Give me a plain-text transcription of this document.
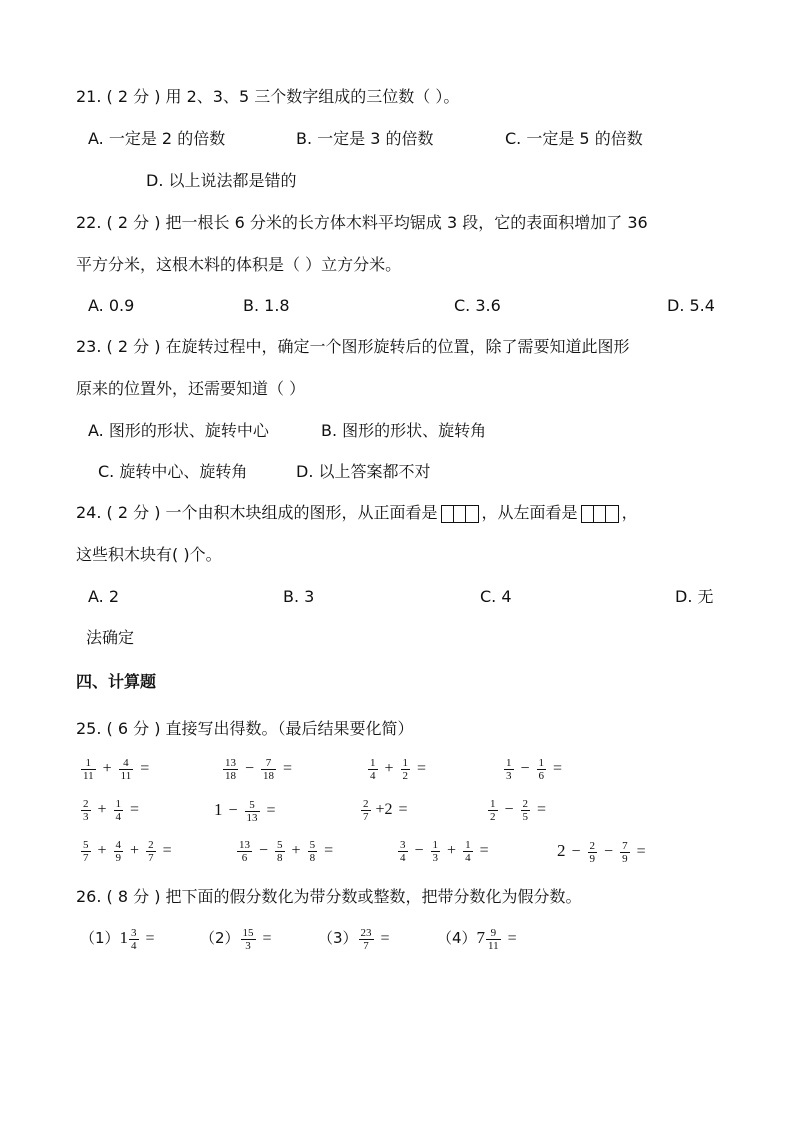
21. ( 2 分 ) 用 2、3、5 三个数字组成的三位数（ ）。
A. 一定是 2 的倍数	B. 一定是 3 的倍数	C. 一定是 5 的倍数
D. 以上说法都是错的
22. ( 2 分 ) 把一根长 6 分米的长方体木料平均锯成 3 段，它的表面积增加了 36
平方分米，这根木料的体积是（ ）立方分米。
A. 0.9	B. 1.8	C. 3.6	D. 5.4
23. ( 2 分 ) 在旋转过程中，确定一个图形旋转后的位置，除了需要知道此图形
原来的位置外，还需要知道（ ）
A. 图形的形状、旋转中心	B. 图形的形状、旋转角
C. 旋转中心、旋转角	D. 以上答案都不对
24. ( 2 分 ) 一个由积木块组成的图形，从正面看是	，从左面看是	，
这些积木块有( )个。
A. 2	B. 3	C. 4	D. 无
法确定
四、计算题
25. ( 6 分 ) 直接写出得数。（最后结果要化简）
$\frac{1}{11} + \frac{4}{11}$ =	$\frac{13}{18} - \frac{7}{18}$ =	$\frac{1}{4} + \frac{1}{2}$ =	$\frac{1}{3} - \frac{1}{6}$ =
$\frac{2}{3} + \frac{1}{4}$ =	$1 - \frac{5}{13}$ =	$\frac{2}{7} +2$ =	$\frac{1}{2} - \frac{2}{5}$ =
$\frac{5}{7} + \frac{4}{9} + \frac{2}{7}$ =	$\frac{13}{6} - \frac{5}{8} + \frac{5}{8}$ =	$\frac{3}{4} - \frac{1}{3} + \frac{1}{4}$ =	$2 - \frac{2}{9} - \frac{7}{9}$ =
26. ( 8 分 ) 把下面的假分数化为带分数或整数，把带分数化为假分数。
$(1)1 \frac{3}{4}$ =	$(2) \frac{15}{3}$ =	$(3) \frac{23}{7}$ =	$(4)7 \frac{9}{11}$ =
